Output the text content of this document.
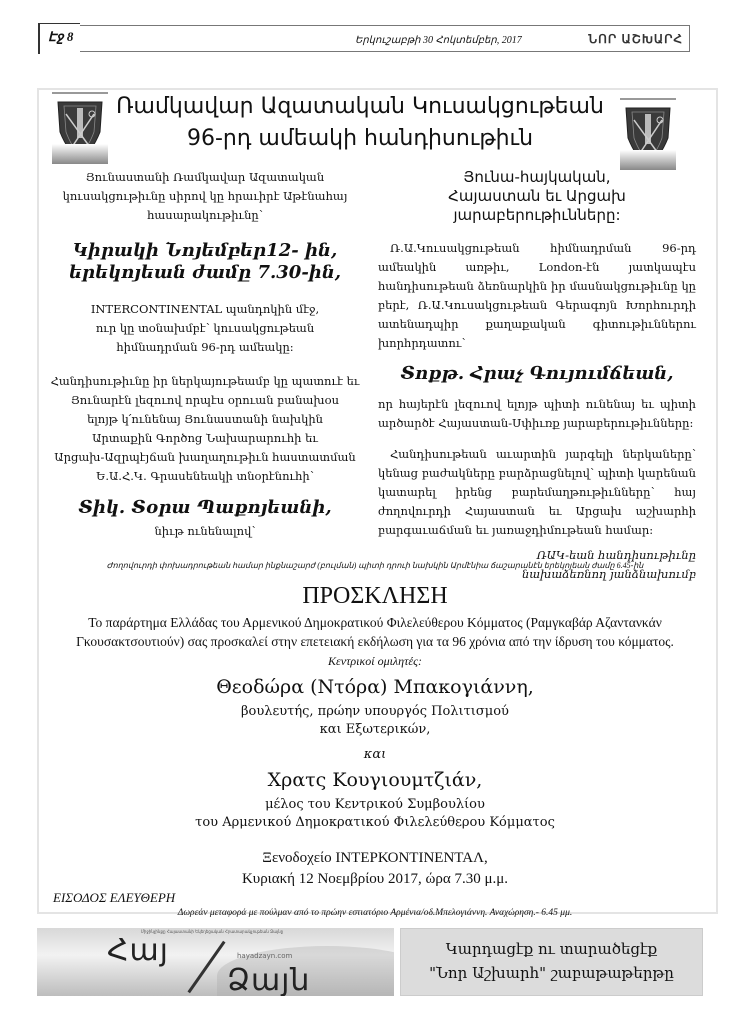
Էջ 8	Երկուշաբթի 30 Հոկտեմբեր, 2017	ՆՈՐ ԱՇԽԱՐՀ
Ռամկավար Ազատական Կուսակցութեան
96-րդ ամեակի հանդիսութիւն
Յունաստանի Ռամկավար Ազատական
կուսակցութիւնը սիրով կը հրաւիրէ Աթէնահայ
հասարակութիւնը՝
Կիրակի Նոյեմբեր12- ին,
երեկոյեան ժամը 7.30-ին,
INTERCONTINENTAL պանդոկին մէջ,
ուր կը տօնախմբէ՝ կուսակցութեան
հիմնադրման 96-րդ ամեակը:
Հանդիսութիւնը իր ներկայութեամբ կը պատուէ եւ
Յունարէն լեզուով որպէս օրուան բանախօս
ելոյթ կ՛ունենայ Յունաստանի նախկին
Արտաքին Գործոց Նախարարուհի եւ
Արցախ-Ազրպէյճան խաղաղութիւն հաստատման
Ե.Ա.Հ.Կ. Գրասենեակի տնօրէնուհի՝
Տիկ. Տօրա Պաքոյեանի,
նիւթ ունենալով՝
Յունա-հայկական,
Հայաստան եւ Արցախ յարաբերութիւնները:
Ռ.Ա.Կուսակցութեան հիմնադրման 96-րդ ամեակին առթիւ, London-էն յատկապէս հանդիսութեան ձեռնարկին իր մասնակցութիւնը կը բերէ, Ռ.Ա.Կուսակցութեան Գերագոյն Խորհուրդի ատենադպիր քաղաքական գիտութիւններու խորհրդատու՝
Տոքթ. Հրաչ Գույումճեան,
որ հայերէն լեզուով ելոյթ պիտի ունենայ եւ պիտի արծարծէ Հայաստան-Սփիւռք յարաբերութիւնները:
Հանդիսութեան աւարտին յարգելի ներկաները՝ կենաց բաժակները բարձրացնելով՝ պիտի կարենան կատարել իրենց բարեմաղթութիւնները՝ հայ ժողովուրդի Հայաստան եւ Արցախ աշխարհի բարգաւաճման եւ յառաջդիմութեան համար:
ՌԱԿ-եան հանդիսութիւնը
նախաձեռնող յանձնախումբ
Ժողովուրդի փոխադրութեան համար ինքնաշարժ (բուլման) պիտի դրուի նախկին Արմէնիա ճաշարանէն երեկոյեան ժամը 6.45-ին
ΠΡΟΣΚΛΗΣΗ
Το παράρτημα Ελλάδας του Αρμενικού Δημοκρατικού Φιλελεύθερου Κόμματος (Ραμγκαβάρ Αζαντανκάν Γκουσακτσουτιούν) σας προσκαλεί στην επετειακή εκδήλωση για τα 96 χρόνια από την ίδρυση του κόμματος.
Κεντρικοί ομιλητές:
Θεοδώρα (Ντόρα) Μπακογιάννη,
βουλευτής, πρώην υπουργός Πολιτισμού
και Εξωτερικών,
και
Χρατς Κουγιουμτζιάν,
μέλος του Κεντρικού Συμβουλίου
του Αρμενικού Δημοκρατικού Φιλελεύθερου Κόμματος
Ξενοδοχείο ΙΝΤΕΡΚΟΝΤΙΝΕΝΤΑΛ,
Κυριακή 12 Νοεμβρίου 2017, ώρα 7.30 μ.μ.
ΕΙΣΟΔΟΣ ΕΛΕΥΘΕΡΗ
Δωρεάν μεταφορά με πούλμαν από το πρώην εστιατόριο Αρμένια/οδ.Μπελογιάννη. Αναχώρηση.- 6.45 μμ.
Միջինչինքը Հայաստանի Եկեղեցական Հրատարակչութեան Ձայնը
Հայ	hayadzayn.com
Ձայն
Կարդացէք ու տարածեցէք
"Նոր Աշխարհ" շաբաթաթերթը
